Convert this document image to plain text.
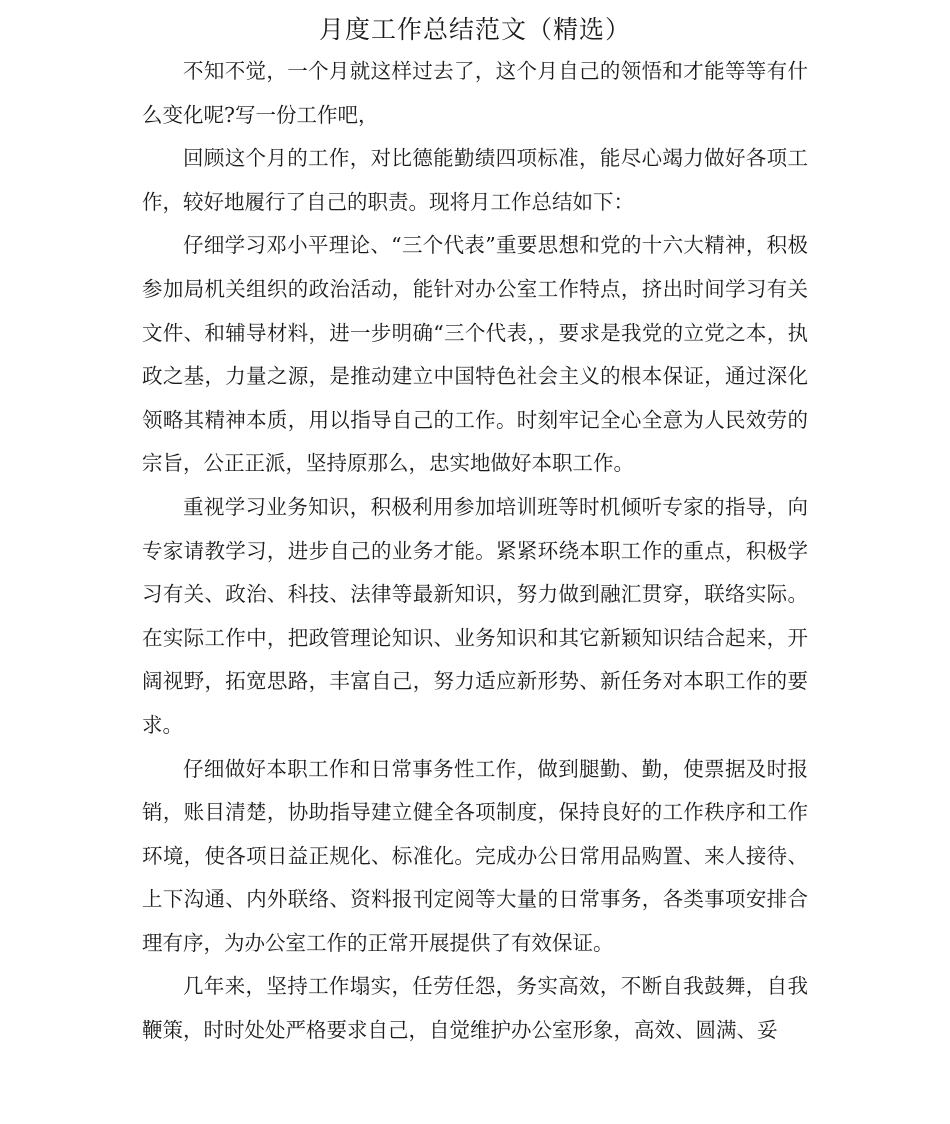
月度工作总结范文（精选）

不知不觉，一个月就这样过去了，这个月自己的领悟和才能等等有什么变化呢?写一份工作吧，

回顾这个月的工作，对比德能勤绩四项标准，能尽心竭力做好各项工作，较好地履行了自己的职责。现将月工作总结如下：

仔细学习邓小平理论、“三个代表”重要思想和党的十六大精神，积极参加局机关组织的政治活动，能针对办公室工作特点，挤出时间学习有关文件、和辅导材料，进一步明确“三个代表，，要求是我党的立党之本，执政之基，力量之源，是推动建立中国特色社会主义的根本保证，通过深化领略其精神本质，用以指导自己的工作。时刻牢记全心全意为人民效劳的宗旨，公正正派，坚持原那么，忠实地做好本职工作。

重视学习业务知识，积极利用参加培训班等时机倾听专家的指导，向专家请教学习，进步自己的业务才能。紧紧环绕本职工作的重点，积极学习有关、政治、科技、法律等最新知识，努力做到融汇贯穿，联络实际。在实际工作中，把政管理论知识、业务知识和其它新颖知识结合起来，开阔视野，拓宽思路，丰富自己，努力适应新形势、新任务对本职工作的要求。

仔细做好本职工作和日常事务性工作，做到腿勤、勤，使票据及时报销，账目清楚，协助指导建立健全各项制度，保持良好的工作秩序和工作环境，使各项日益正规化、标准化。完成办公日常用品购置、来人接待、上下沟通、内外联络、资料报刊定阅等大量的日常事务，各类事项安排合理有序，为办公室工作的正常开展提供了有效保证。

几年来，坚持工作塌实，任劳任怨，务实高效，不断自我鼓舞，自我鞭策，时时处处严格要求自己，自觉维护办公室形象，高效、圆满、妥
